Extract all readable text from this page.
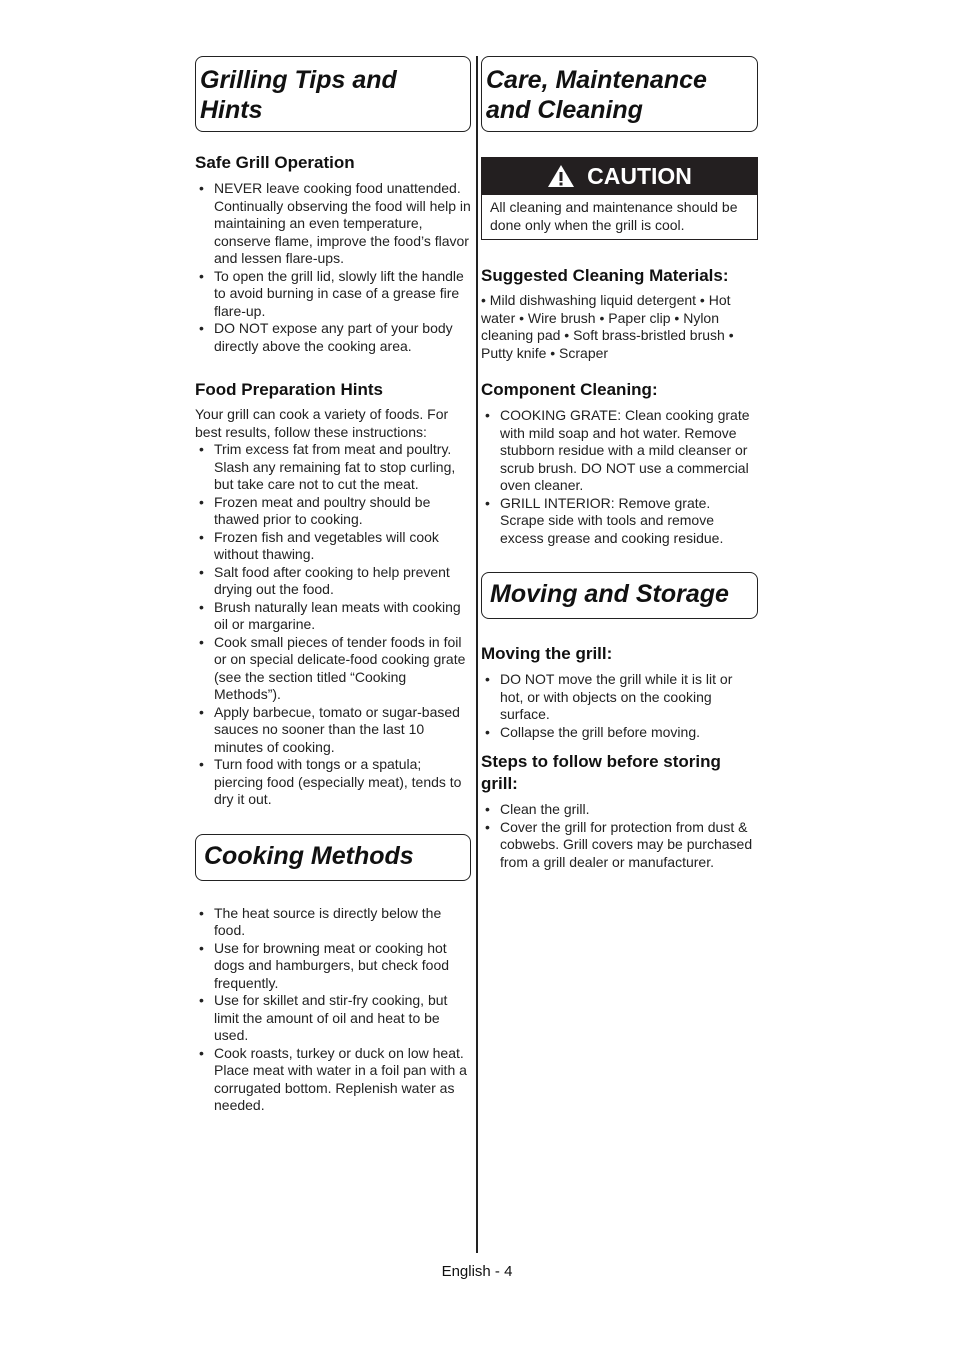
Grilling Tips and Hints
Safe Grill Operation
• NEVER leave cooking food unattended. Continually observing the food will help in maintaining an even temperature, conserve flame, improve the food’s flavor and lessen flare-ups.
• To open the grill lid, slowly lift the handle to avoid burning in case of a grease fire flare-up.
• DO NOT expose any part of your body directly above the cooking area.
Food Preparation Hints

Your grill can cook a variety of foods. For best results, follow these instructions:

• Trim excess fat from meat and poultry. Slash any remaining fat to stop curling, but take care not to cut the meat.
• Frozen meat and poultry should be thawed prior to cooking.
• Frozen fish and vegetables will cook without thawing.
• Salt food after cooking to help prevent drying out the food.
• Brush naturally lean meats with cooking oil or margarine.
• Cook small pieces of tender foods in foil or on special delicate-food cooking grate (see the section titled “Cooking Methods”).
• Apply barbecue, tomato or sugar-based sauces no sooner than the last 10 minutes of cooking.
• Turn food with tongs or a spatula; piercing food (especially meat), tends to dry it out.
Cooking Methods
• The heat source is directly below the food.
• Use for browning meat or cooking hot dogs and hamburgers, but check food frequently.
• Use for skillet and stir-fry cooking, but limit the amount of oil and heat to be used.
• Cook roasts, turkey or duck on low heat. Place meat with water in a foil pan with a corrugated bottom. Replenish water as needed.
Care, Maintenance and Cleaning
CAUTION
All cleaning and maintenance should be done only when the grill is cool.
Suggested Cleaning Materials:

• Mild dishwashing liquid detergent • Hot water • Wire brush • Paper clip • Nylon cleaning pad • Soft brass-bristled brush • Putty knife • Scraper

Component Cleaning:
• COOKING GRATE: Clean cooking grate with mild soap and hot water. Remove stubborn residue with a mild cleanser or scrub brush. DO NOT use a commercial oven cleaner.
• GRILL INTERIOR: Remove grate. Scrape side with tools and remove excess grease and cooking residue.
Moving and Storage
Moving the grill:
• DO NOT move the grill while it is lit or hot, or with objects on the cooking surface.
• Collapse the grill before moving.
Steps to follow before storing grill:
• Clean the grill.
• Cover the grill for protection from dust & cobwebs. Grill covers may be purchased from a grill dealer or manufacturer.
English - 4
